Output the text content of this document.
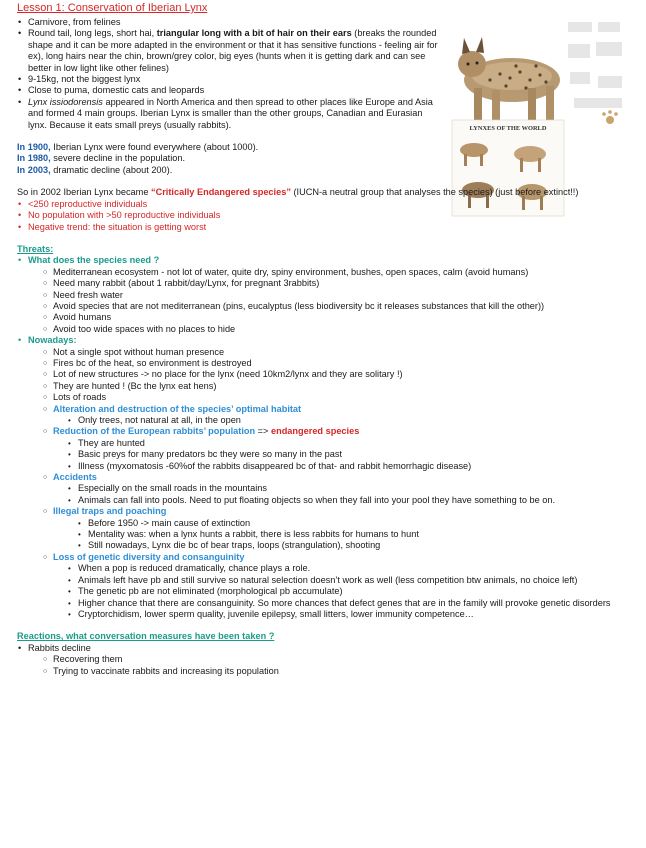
LYNXES OF THE WORLD
Lesson 1: Conservation of Iberian Lynx
• Carnivore, from felines
• Round tail, long legs, short hai, triangular long with a bit of hair on their ears (breaks the rounded shape and it can be more adapted in the environment or that it has sensitive functions - feeling air for ex), long hairs near the chin, brown/grey color, big eyes (hunts when it is getting dark and can see better in low light like other felines)
• 9-15kg, not the biggest lynx
• Close to puma, domestic cats and leopards
• Lynx issiodorensis appeared in North America and then spread to other places like Europe and Asia and formed 4 main groups. Iberian Lynx is smaller than the other groups, Canadian and Eurasian lynx. Because it eats small preys (usually rabbits).
In 1900, Iberian Lynx were found everywhere (about 1000).
In 1980, severe decline in the population.
In 2003, dramatic decline (about 200).
So in 2002 Iberian Lynx became “Critically Endangered species” (IUCN-a neutral group that analyses the species) (just before extinct!!)
• <250 reproductive individuals
• No population with >50 reproductive individuals
• Negative trend: the situation is getting worst
Threats:
• What does the species need ?
○ Mediterranean ecosystem - not lot of water, quite dry, spiny environment, bushes, open spaces, calm (avoid humans)
○ Need many rabbit (about 1 rabbit/day/Lynx, for pregnant 3rabbits)
○ Need fresh water
○ Avoid species that are not mediterranean (pins, eucalyptus (less biodiversity bc it releases substances that kill the other))
○ Avoid humans
○ Avoid too wide spaces with no places to hide
• Nowadays:
○ Not a single spot without human presence
○ Fires bc of the heat, so environment is destroyed
○ Lot of new structures -> no place for the lynx (need 10km2/lynx and they are solitary !)
○ They are hunted ! (Bc the lynx eat hens)
○ Lots of roads
○ Alteration and destruction of the species’ optimal habitat
• Only trees, not natural at all, in the open
○ Reduction of the European rabbits’ population => endangered species
• They are hunted
• Basic preys for many predators bc they were so many in the past
• Illness (myxomatosis -60%of the rabbits disappeared bc of that- and rabbit hemorrhagic disease)
○ Accidents
• Especially on the small roads in the mountains
• Animals can fall into pools. Need to put floating objects so when they fall into your pool they have something to be on.
○ Illegal traps and poaching
• Before 1950 -> main cause of extinction
• Mentality was: when a lynx hunts a rabbit, there is less rabbits for humans to hunt
• Still nowadays, Lynx die bc of bear traps, loops (strangulation), shooting
○ Loss of genetic diversity and consanguinity
• When a pop is reduced dramatically, chance plays a role.
• Animals left have pb and still survive so natural selection doesn’t work as well (less competition btw animals, no choice left)
• The genetic pb are not eliminated (morphological pb accumulate)
• Higher chance that there are consanguinity. So more chances that defect genes that are in the family will provoke genetic disorders
• Cryptorchidism, lower sperm quality, juvenile epilepsy, small litters, lower immunity competence…
Reactions, what conversation measures have been taken ?
• Rabbits decline
○ Recovering them
○ Trying to vaccinate rabbits and increasing its population
